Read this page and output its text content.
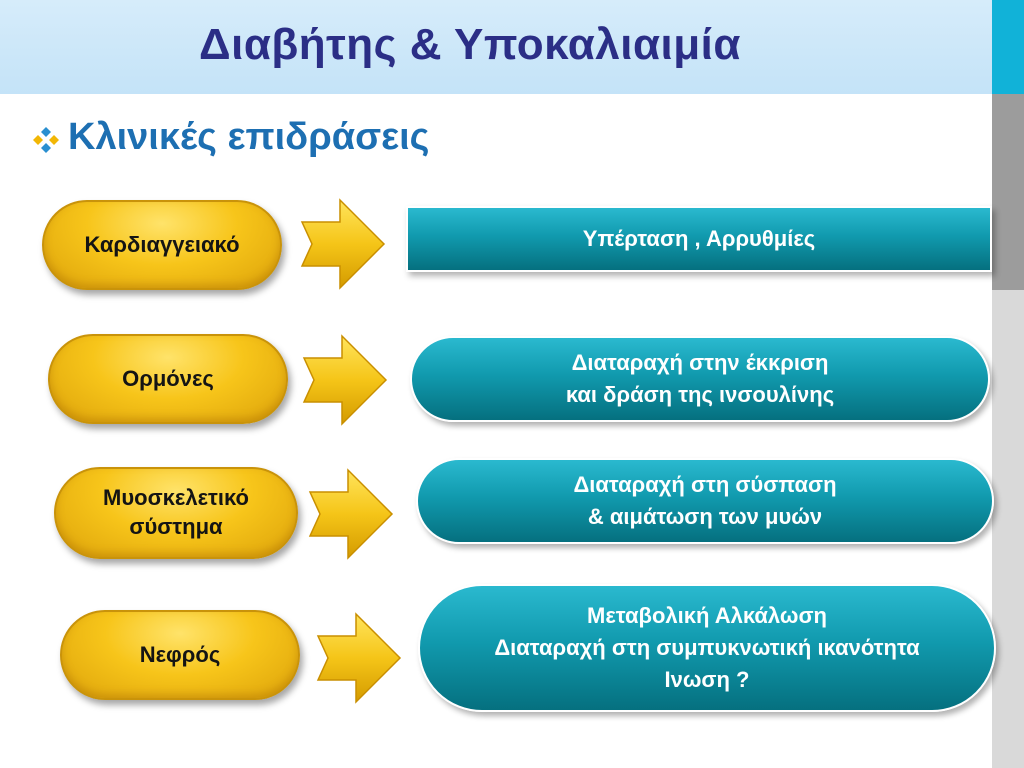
Διαβήτης & Υποκαλιαιμία
Κλινικές επιδράσεις
Καρδιαγγειακό	Υπέρταση , Αρρυθμίες
Ορμόνες
Διαταραχή στην έκκριση
και δράση της ινσουλίνης
Μυοσκελετικό
σύστημα
Διαταραχή στη σύσπαση
& αιμάτωση των μυών
Νεφρός
Μεταβολική Αλκάλωση
Διαταραχή στη συμπυκνωτική ικανότητα
Ινωση ?
